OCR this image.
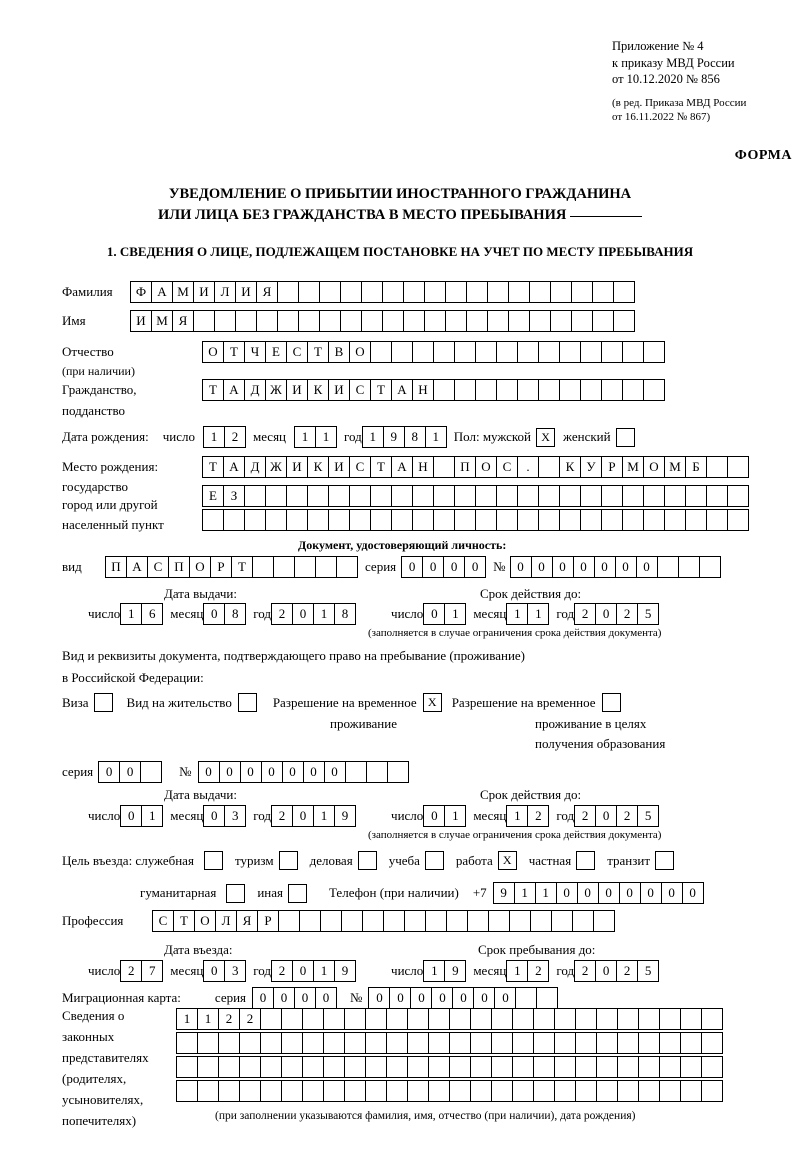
Приложение № 4
к приказу МВД России
от 10.12.2020 № 856
(в ред. Приказа МВД России
от 16.11.2022 № 867)
ФОРМА
УВЕДОМЛЕНИЕ О ПРИБЫТИИ ИНОСТРАННОГО ГРАЖДАНИНА
ИЛИ ЛИЦА БЕЗ ГРАЖДАНСТВА В МЕСТО ПРЕБЫВАНИЯ
1. СВЕДЕНИЯ О ЛИЦЕ, ПОДЛЕЖАЩЕМ ПОСТАНОВКЕ НА УЧЕТ ПО МЕСТУ ПРЕБЫВАНИЯ
Фамилия	Ф А М И Л И Я
Имя	И М Я
Отчество	О Т Ч Е С Т В О
(при наличии)
Гражданство,	Т А Д Ж И К И С Т А Н
подданство
Дата рождения: число	1	2	месяц	1	1	год 1	9	8	1	Пол: мужской X	женский
Место рождения:	Т А Д Ж И К И С Т А Н	П О С	.	К У Р М О М Б
государство
Е	З
город или другой
населенный пункт
Документ, удостоверяющий личность:
вид	П А С П О Р	Т	серия 0	0	0	0	№ 0	0	0	0	0	0	0
Дата выдачи:	Срок действия до:
число 1	6	месяц 0	8	год 2	0	1	8	число 0	1	месяц 1	1	год 2	0	2	5
(заполняется в случае ограничения срока действия документа)
Вид и реквизиты документа, подтверждающего право на пребывание (проживание)
в Российской Федерации:
Виза	Вид на жительство	Разрешение на временное X	Разрешение на временное
проживание	проживание в целях
получения образования
серия 0	0	№	0	0	0	0	0	0	0
Дата выдачи:	Срок действия до:
число 0	1	месяц 0	3	год 2	0	1	9	число 0	1	месяц 1	2	год 2	0	2	5
(заполняется в случае ограничения срока действия документа)
Цель въезда: служебная	туризм	деловая	учеба	работа X	частная	транзит
гуманитарная	иная	Телефон (при наличии) +7	9	1	1	0	0	0	0	0	0	0
Профессия	С Т О Л Я	Р
Дата въезда:	Срок пребывания до:
число 2	7	месяц 0	3	год 2	0	1	9	число 1	9	месяц 1	2	год 2	0	2	5
Миграционная карта:	серия	0	0	0	0	№	0	0	0	0	0	0	0
Сведения о
законных
представителях
(родителях,
усыновителях,
попечителях)
1	1	2	2
(при заполнении указываются фамилия, имя, отчество (при наличии), дата рождения)
